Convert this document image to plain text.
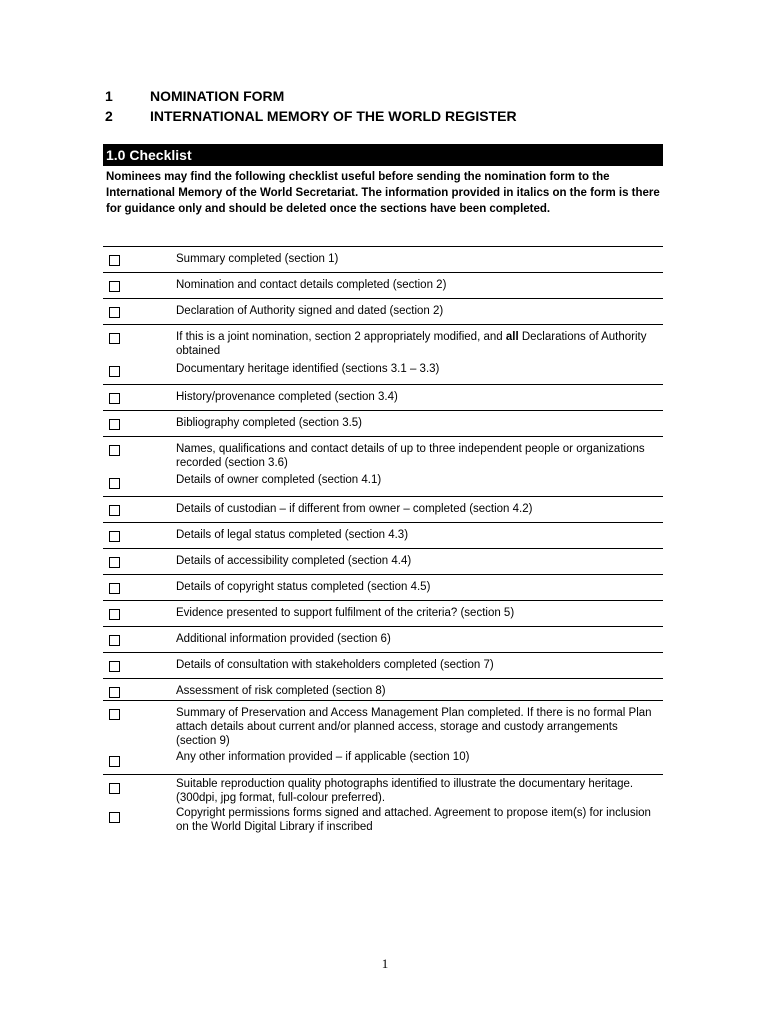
1	NOMINATION FORM
2	INTERNATIONAL MEMORY OF THE WORLD REGISTER
1.0 Checklist
Nominees may find the following checklist useful before sending the nomination form to the International Memory of the World Secretariat. The information provided in italics on the form is there for guidance only and should be deleted once the sections have been completed.
Summary completed (section 1)
Nomination and contact details completed (section 2)
Declaration of Authority signed and dated (section 2)
If this is a joint nomination, section 2 appropriately modified, and all Declarations of Authority obtained
Documentary heritage identified (sections 3.1 – 3.3)
History/provenance completed (section 3.4)
Bibliography completed (section 3.5)
Names, qualifications and contact details of up to three independent people or organizations recorded (section 3.6)
Details of owner completed (section 4.1)
Details of custodian – if different from owner – completed (section 4.2)
Details of legal status completed (section 4.3)
Details of accessibility completed (section 4.4)
Details of copyright status completed (section 4.5)
Evidence presented to support fulfilment of the criteria? (section 5)
Additional information provided (section 6)
Details of consultation with stakeholders completed (section 7)
Assessment of risk completed (section 8)
Summary of Preservation and Access Management Plan completed. If there is no formal Plan attach details about current and/or planned access, storage and custody arrangements (section 9)
Any other information provided – if applicable (section 10)
Suitable reproduction quality photographs identified to illustrate the documentary heritage. (300dpi, jpg format, full-colour preferred).
Copyright permissions forms signed and attached. Agreement to propose item(s) for inclusion on the World Digital Library if inscribed
1
